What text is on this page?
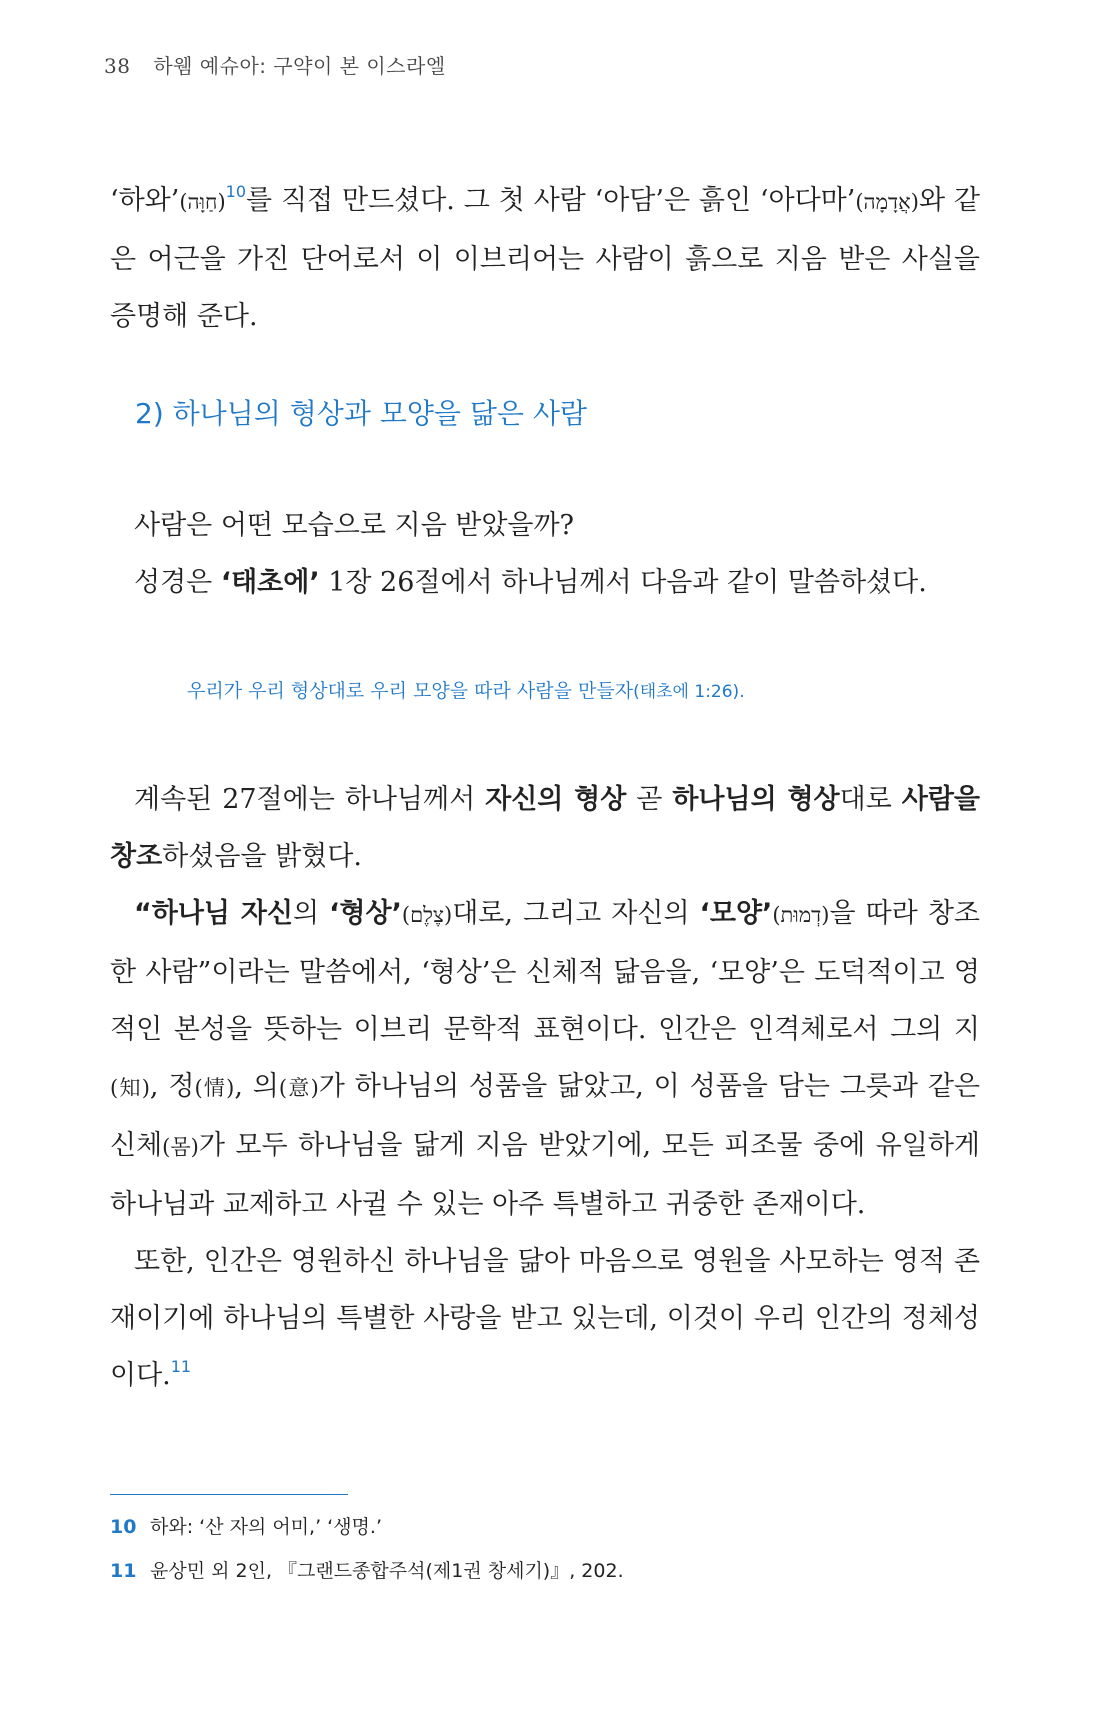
38 하웸 예슈아: 구약이 본 이스라엘

‘하와’(חַוָּה)$^{10}$를 직접 만드셨다. 그 첫 사람 ‘아담’은 흙인 ‘아다마’(אֲדָמָה)와 같은 어근을 가진 단어로서 이 이브리어는 사람이 흙으로 지음 받은 사실을 증명해 준다.

2) 하나님의 형상과 모양을 닮은 사람
사람은 어떤 모습으로 지음 받았을까?
성경은 ‘태초에’ 1장 26절에서 하나님께서 다음과 같이 말씀하셨다.
우리가 우리 형상대로 우리 모양을 따라 사람을 만들자(태초에 1:26).

계속된 27절에는 하나님께서 자신의 형상 곧 하나님의 형상대로 사람을 창조하셨음을 밝혔다.

“하나님 자신의 ‘형상’(צֶלֶם)대로, 그리고 자신의 ‘모양’(דְמוּת)을 따라 창조한 사람”이라는 말씀에서, ‘형상’은 신체적 닮음을, ‘모양’은 도덕적이고 영적인 본성을 뜻하는 이브리 문학적 표현이다. 인간은 인격체로서 그의 지(知), 정(情), 의(意)가 하나님의 성품을 닮았고, 이 성품을 담는 그릇과 같은 신체(몸)가 모두 하나님을 닮게 지음 받았기에, 모든 피조물 중에 유일하게 하나님과 교제하고 사귈 수 있는 아주 특별하고 귀중한 존재이다.

또한, 인간은 영원하신 하나님을 닮아 마음으로 영원을 사모하는 영적 존재이기에 하나님의 특별한 사랑을 받고 있는데, 이것이 우리 인간의 정체성이다.$^{11}$

10 하와: ‘산 자의 어미,’ ‘생명.’
11 윤상민 외 2인, 『그랜드종합주석(제1권 창세기)』, 202.
